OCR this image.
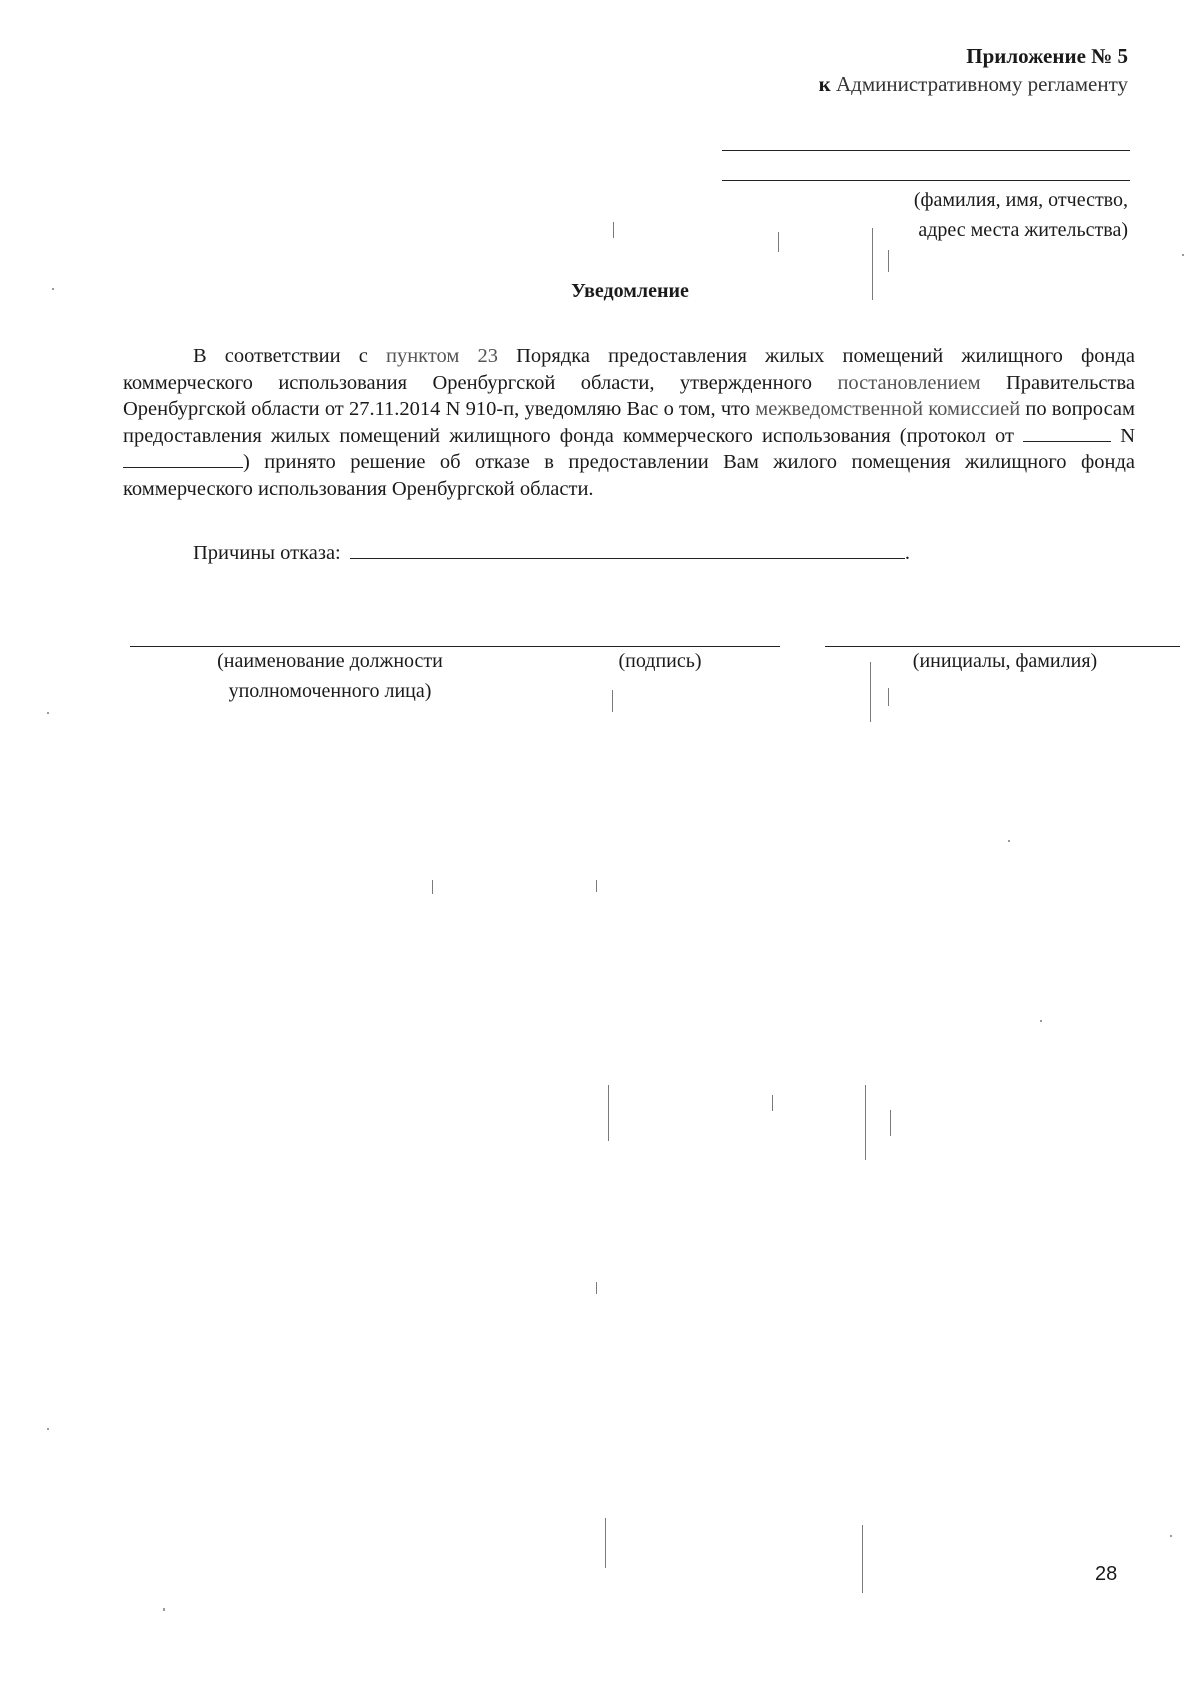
Приложение № 5
к Административному регламенту
(фамилия, имя, отчество,
адрес места жительства)
Уведомление

В соответствии с пунктом 23 Порядка предоставления жилых помещений жилищного фонда коммерческого использования Оренбургской области, утвержденного постановлением Правительства Оренбургской области от 27.11.2014 N 910-п, уведомляю Вас о том, что межведомственной комиссией по вопросам предоставления жилых помещений жилищного фонда коммерческого использования (протокол от	N ) принято решение об отказе в предоставлении Вам жилого помещения жилищного фонда коммерческого использования Оренбургской области.

Причины отказа:	.
(наименование должности
уполномоченного лица)
(подпись)	(инициалы, фамилия)
28
